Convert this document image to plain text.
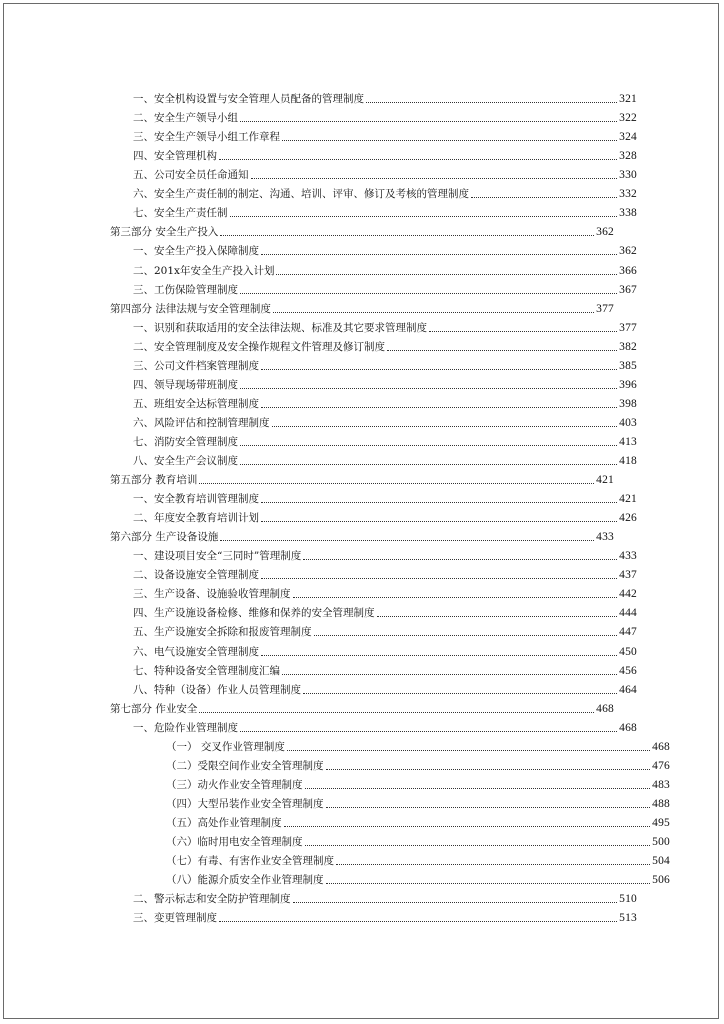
一、安全机构设置与安全管理人员配备的管理制度	321
二、安全生产领导小组	322
三、安全生产领导小组工作章程	324
四、安全管理机构	328
五、公司安全员任命通知	330
六、安全生产责任制的制定、沟通、培训、评审、修订及考核的管理制度	332
七、安全生产责任制	338
第三部分 安全生产投入	362
一、安全生产投入保障制度	362
二、201x年安全生产投入计划	366
三、工伤保险管理制度	367
第四部分 法律法规与安全管理制度	377
一、识别和获取适用的安全法律法规、标准及其它要求管理制度	377
二、安全管理制度及安全操作规程文件管理及修订制度	382
三、公司文件档案管理制度	385
四、领导现场带班制度	396
五、班组安全达标管理制度	398
六、风险评估和控制管理制度	403
七、消防安全管理制度	413
八、安全生产会议制度	418
第五部分 教育培训	421
一、安全教育培训管理制度	421
二、年度安全教育培训计划	426
第六部分 生产设备设施	433
一、建设项目安全“三同时”管理制度	433
二、设备设施安全管理制度	437
三、生产设备、设施验收管理制度	442
四、生产设施设备检修、维修和保养的安全管理制度	444
五、生产设施安全拆除和报废管理制度	447
六、电气设施安全管理制度	450
七、特种设备安全管理制度汇编	456
八、特种（设备）作业人员管理制度	464
第七部分 作业安全	468
一、危险作业管理制度	468
（一） 交叉作业管理制度	468
（二）受限空间作业安全管理制度	476
（三）动火作业安全管理制度	483
（四）大型吊装作业安全管理制度	488
（五）高处作业管理制度	495
（六）临时用电安全管理制度	500
（七）有毒、有害作业安全管理制度	504
（八）能源介质安全作业管理制度	506
二、警示标志和安全防护管理制度	510
三、变更管理制度	513
